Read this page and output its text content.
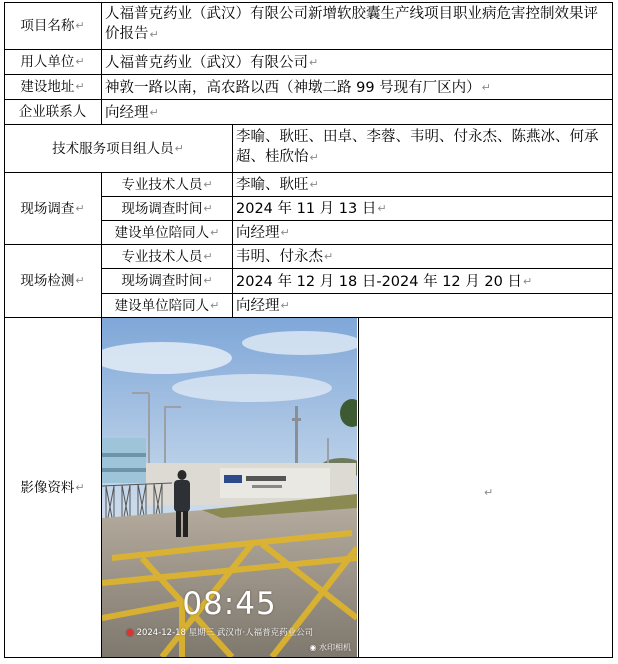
项目名称 ↵
人福普克药业（武汉）有限公司新增软胶囊生产线项目职业病危害控制效果评价报告↵
用人单位 ↵ 人福普克药业（武汉）有限公司 ↵
建设地址 ↵ 神敦一路以南，高农路以西（神墩二路 99 号现有厂区内） ↵
企业联系人 向经理 ↵
技术服务项目组人员 ↵
李喻、耿旺、田卓、李蓉、韦明、付永杰、陈燕冰、何承超、桂欣怡↵
现场调查 ↵
专业技术人员 ↵ 李喻、耿旺 ↵
现场调查时间 ↵ 2024 年 11 月 13 日 ↵
建设单位陪同人 ↵ 向经理 ↵
现场检测 ↵
专业技术人员 ↵ 韦明、付永杰 ↵
现场调查时间 ↵ 2024 年 12 月 18 日-2024 年 12 月 20 日 ↵
建设单位陪同人 ↵ 向经理 ↵
影像资料 ↵
08:45
● 2024-12-18 星期三 武汉市·人福普克药业公司
◉ 水印相机
↵
